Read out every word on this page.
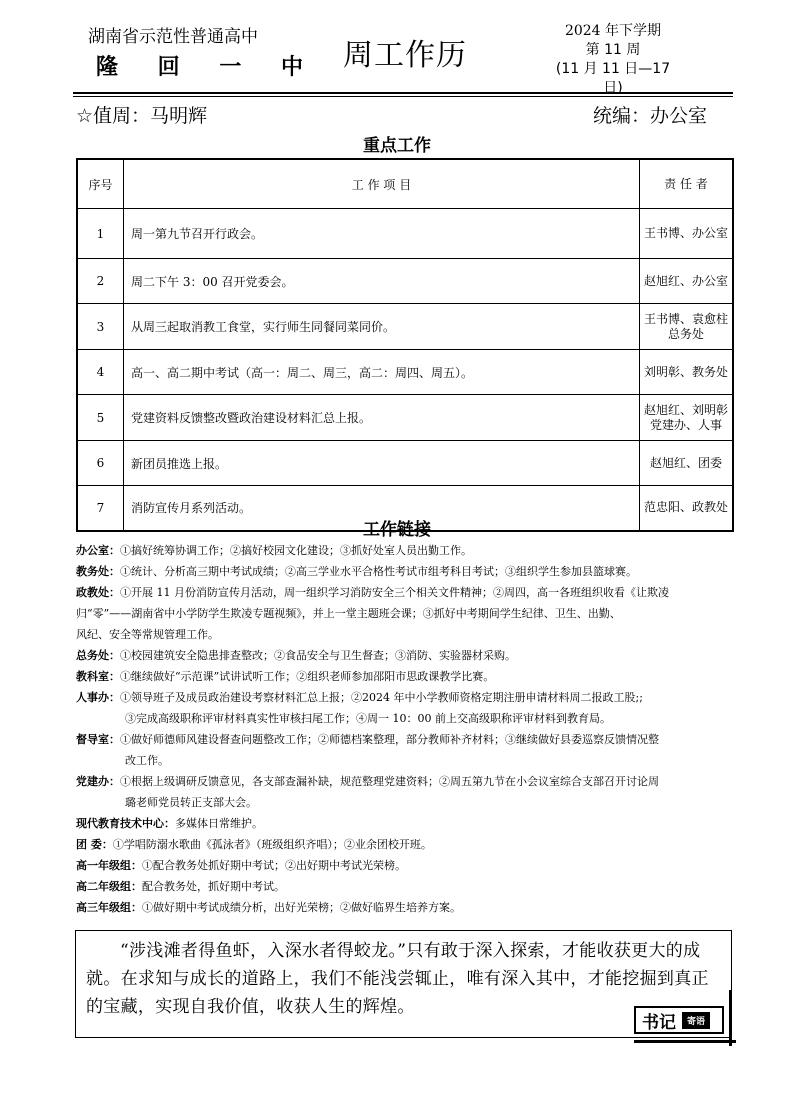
湖南省示范性普通高中
隆 回 一 中 周工作历
2024 年下学期
第 11 周
(11 月 11 日—17 日)
☆值周：马明辉	统编：办公室
重点工作
序号	工 作 项 目	责 任 者
1	周一第九节召开行政会。	王书博、办公室
2	周二下午 3：00 召开党委会。	赵旭红、办公室
3	从周三起取消教工食堂，实行师生同餐同菜同价。	王书博、袁愈柱
总务处
4	高一、高二期中考试（高一：周二、周三，高二：周四、周五）。	刘明彰、教务处
5	党建资料反馈整改暨政治建设材料汇总上报。	赵旭红、刘明彰
党建办、人事
6	新团员推选上报。	赵旭红、团委
7	消防宣传月系列活动。	范忠阳、政教处
工作链接
办公室：①搞好统筹协调工作；②搞好校园文化建设；③抓好处室人员出勤工作。
教务处：①统计、分析高三期中考试成绩；②高三学业水平合格性考试市组考科目考试；③组织学生参加县篮球赛。
政教处：①开展 11 月份消防宣传月活动，周一组织学习消防安全三个相关文件精神；②周四，高一各班组织收看《让欺凌
归“零”——湖南省中小学防学生欺凌专题视频》，并上一堂主题班会课；③抓好中考期间学生纪律、卫生、出勤、
风纪、安全等常规管理工作。
总务处：①校园建筑安全隐患排查整改；②食品安全与卫生督查；③消防、实验器材采购。
教科室：①继续做好“示范课”试讲试听工作；②组织老师参加邵阳市思政课教学比赛。
人事办：①领导班子及成员政治建设考察材料汇总上报；②2024 年中小学教师资格定期注册申请材料周二报政工股;;
③完成高级职称评审材料真实性审核扫尾工作；④周一 10：00 前上交高级职称评审材料到教育局。
督导室：①做好师德师风建设督查问题整改工作；②师德档案整理，部分教师补齐材料；③继续做好县委巡察反馈情况整
改工作。
党建办：①根据上级调研反馈意见，各支部查漏补缺，规范整理党建资料；②周五第九节在小会议室综合支部召开讨论周
璐老师党员转正支部大会。
现代教育技术中心：多媒体日常维护。
团 委：①学唱防溺水歌曲《孤泳者》（班级组织齐唱）；②业余团校开班。
高一年级组：①配合教务处抓好期中考试；②出好期中考试光荣榜。
高二年级组：配合教务处，抓好期中考试。
高三年级组：①做好期中考试成绩分析，出好光荣榜；②做好临界生培养方案。
“涉浅滩者得鱼虾，入深水者得蛟龙。”只有敢于深入探索，才能收获更大的成就。在求知与成长的道路上，我们不能浅尝辄止，唯有深入其中，才能挖掘到真正的宝藏，实现自我价值，收获人生的辉煌。
书记	寄语
